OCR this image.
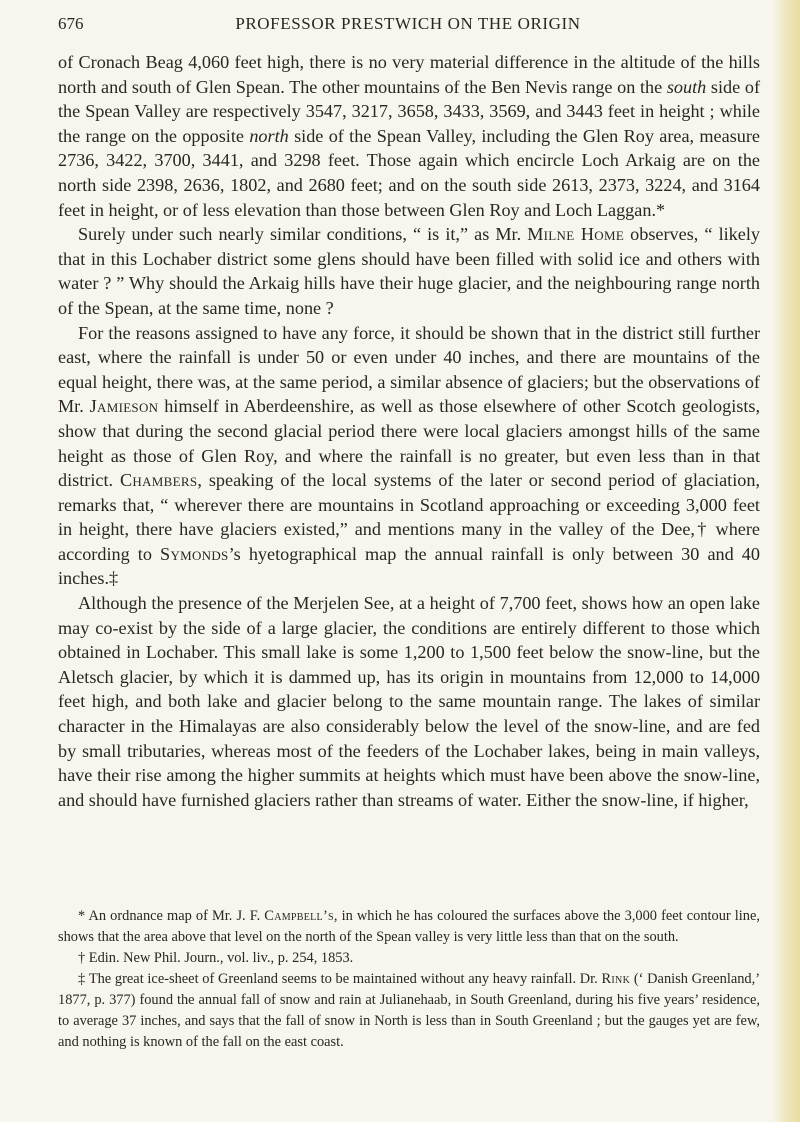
676	PROFESSOR PRESTWICH ON THE ORIGIN

of Cronach Beag 4,060 feet high, there is no very material difference in the altitude of the hills north and south of Glen Spean. The other mountains of the Ben Nevis range on the south side of the Spean Valley are respectively 3547, 3217, 3658, 3433, 3569, and 3443 feet in height ; while the range on the opposite north side of the Spean Valley, including the Glen Roy area, measure 2736, 3422, 3700, 3441, and 3298 feet. Those again which encircle Loch Arkaig are on the north side 2398, 2636, 1802, and 2680 feet; and on the south side 2613, 2373, 3224, and 3164 feet in height, or of less elevation than those between Glen Roy and Loch Laggan.*

Surely under such nearly similar conditions, “ is it,” as Mr. Milne Home observes, “ likely that in this Lochaber district some glens should have been filled with solid ice and others with water ? ” Why should the Arkaig hills have their huge glacier, and the neighbouring range north of the Spean, at the same time, none ?

For the reasons assigned to have any force, it should be shown that in the district still further east, where the rainfall is under 50 or even under 40 inches, and there are mountains of the equal height, there was, at the same period, a similar absence of glaciers; but the observations of Mr. Jamieson himself in Aberdeenshire, as well as those elsewhere of other Scotch geologists, show that during the second glacial period there were local glaciers amongst hills of the same height as those of Glen Roy, and where the rainfall is no greater, but even less than in that district. Chambers, speaking of the local systems of the later or second period of glaciation, remarks that, “ wherever there are mountains in Scotland approaching or exceeding 3,000 feet in height, there have glaciers existed,” and mentions many in the valley of the Dee,† where according to Symonds’s hyetographical map the annual rainfall is only between 30 and 40 inches.‡

Although the presence of the Merjelen See, at a height of 7,700 feet, shows how an open lake may co-exist by the side of a large glacier, the conditions are entirely different to those which obtained in Lochaber. This small lake is some 1,200 to 1,500 feet below the snow-line, but the Aletsch glacier, by which it is dammed up, has its origin in mountains from 12,000 to 14,000 feet high, and both lake and glacier belong to the same mountain range. The lakes of similar character in the Himalayas are also considerably below the level of the snow-line, and are fed by small tributaries, whereas most of the feeders of the Lochaber lakes, being in main valleys, have their rise among the higher summits at heights which must have been above the snow-line, and should have furnished glaciers rather than streams of water. Either the snow-line, if higher,

* An ordnance map of Mr. J. F. Campbell’s, in which he has coloured the surfaces above the 3,000 feet contour line, shows that the area above that level on the north of the Spean valley is very little less than that on the south.

† Edin. New Phil. Journ., vol. liv., p. 254, 1853.

‡ The great ice-sheet of Greenland seems to be maintained without any heavy rainfall. Dr. Rink (‘ Danish Greenland,’ 1877, p. 377) found the annual fall of snow and rain at Julianehaab, in South Greenland, during his five years’ residence, to average 37 inches, and says that the fall of snow in North is less than in South Greenland ; but the gauges yet are few, and nothing is known of the fall on the east coast.
